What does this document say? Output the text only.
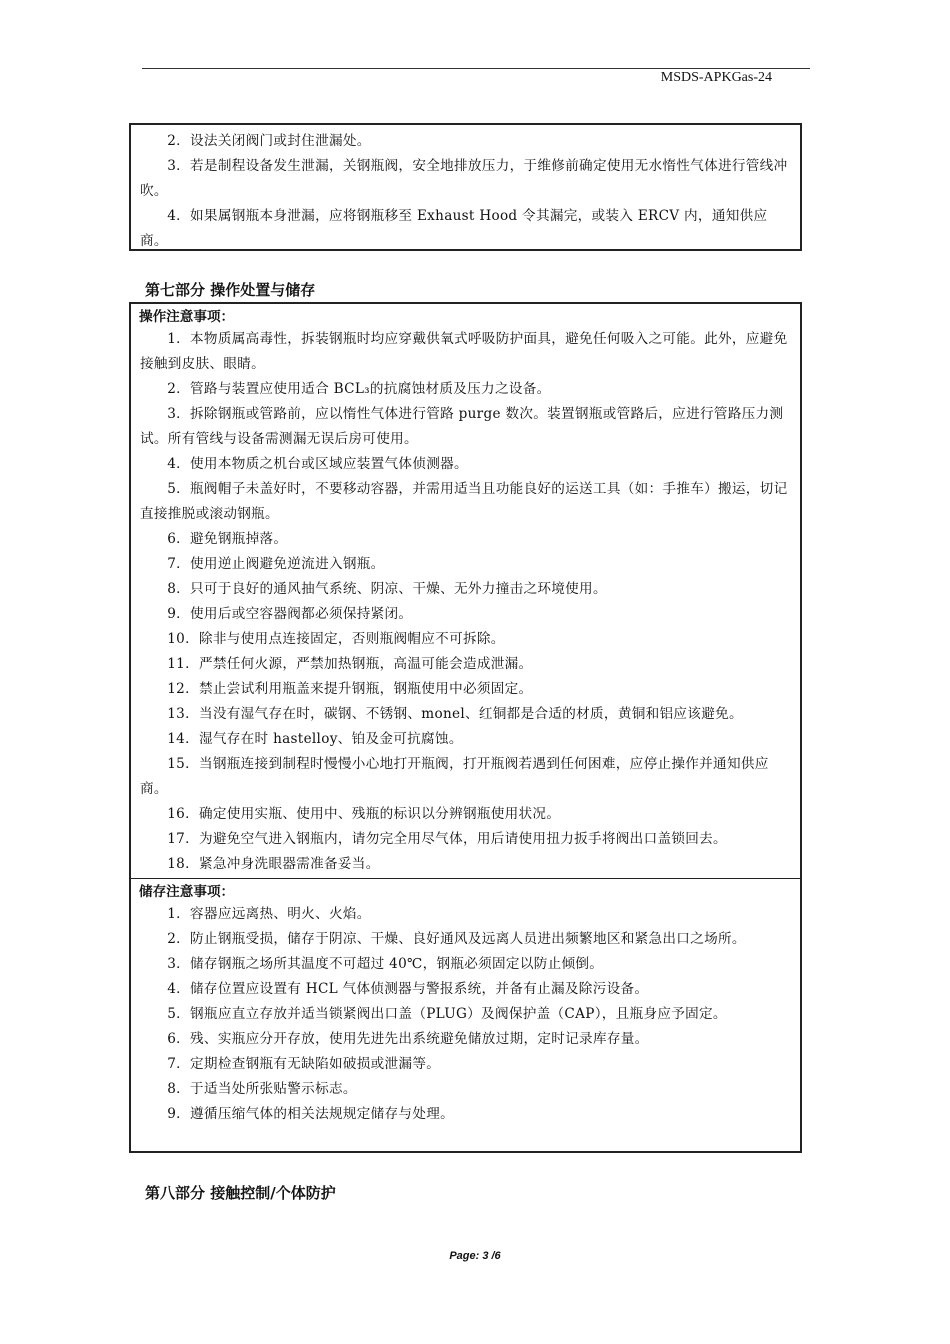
MSDS-APKGas-24

2．设法关闭阀门或封住泄漏处。

3．若是制程设备发生泄漏，关钢瓶阀，安全地排放压力，于维修前确定使用无水惰性气体进行管线冲吹。

4．如果属钢瓶本身泄漏，应将钢瓶移至 Exhaust Hood 令其漏完，或装入 ERCV 内，通知供应商。

第七部分 操作处置与储存
操作注意事项：

1．本物质属高毒性，拆装钢瓶时均应穿戴供氧式呼吸防护面具，避免任何吸入之可能。此外，应避免接触到皮肤、眼睛。

2．管路与装置应使用适合 BCL₃的抗腐蚀材质及压力之设备。

3．拆除钢瓶或管路前，应以惰性气体进行管路 purge 数次。装置钢瓶或管路后，应进行管路压力测试。所有管线与设备需测漏无误后房可使用。

4．使用本物质之机台或区域应装置气体侦测器。

5．瓶阀帽子未盖好时，不要移动容器，并需用适当且功能良好的运送工具（如：手推车）搬运，切记直接推脱或滚动钢瓶。

6．避免钢瓶掉落。

7．使用逆止阀避免逆流进入钢瓶。

8．只可于良好的通风抽气系统、阴凉、干燥、无外力撞击之环境使用。

9．使用后或空容器阀都必须保持紧闭。

10．除非与使用点连接固定，否则瓶阀帽应不可拆除。

11．严禁任何火源，严禁加热钢瓶，高温可能会造成泄漏。

12．禁止尝试利用瓶盖来提升钢瓶，钢瓶使用中必须固定。

13．当没有湿气存在时，碳钢、不锈钢、monel、红铜都是合适的材质，黄铜和铝应该避免。

14．湿气存在时 hastelloy、铂及金可抗腐蚀。

15．当钢瓶连接到制程时慢慢小心地打开瓶阀，打开瓶阀若遇到任何困难，应停止操作并通知供应商。

16．确定使用实瓶、使用中、残瓶的标识以分辨钢瓶使用状况。

17．为避免空气进入钢瓶内，请勿完全用尽气体，用后请使用扭力扳手将阀出口盖锁回去。

18．紧急冲身洗眼器需准备妥当。

储存注意事项：

1．容器应远离热、明火、火焰。

2．防止钢瓶受损，储存于阴凉、干燥、良好通风及远离人员进出频繁地区和紧急出口之场所。

3．储存钢瓶之场所其温度不可超过 40℃，钢瓶必须固定以防止倾倒。

4．储存位置应设置有 HCL 气体侦测器与警报系统，并备有止漏及除污设备。

5．钢瓶应直立存放并适当锁紧阀出口盖（PLUG）及阀保护盖（CAP），且瓶身应予固定。

6．残、实瓶应分开存放，使用先进先出系统避免储放过期，定时记录库存量。

7．定期检查钢瓶有无缺陷如破损或泄漏等。

8．于适当处所张贴警示标志。

9．遵循压缩气体的相关法规规定储存与处理。

第八部分 接触控制/个体防护
Page: 3 /6
